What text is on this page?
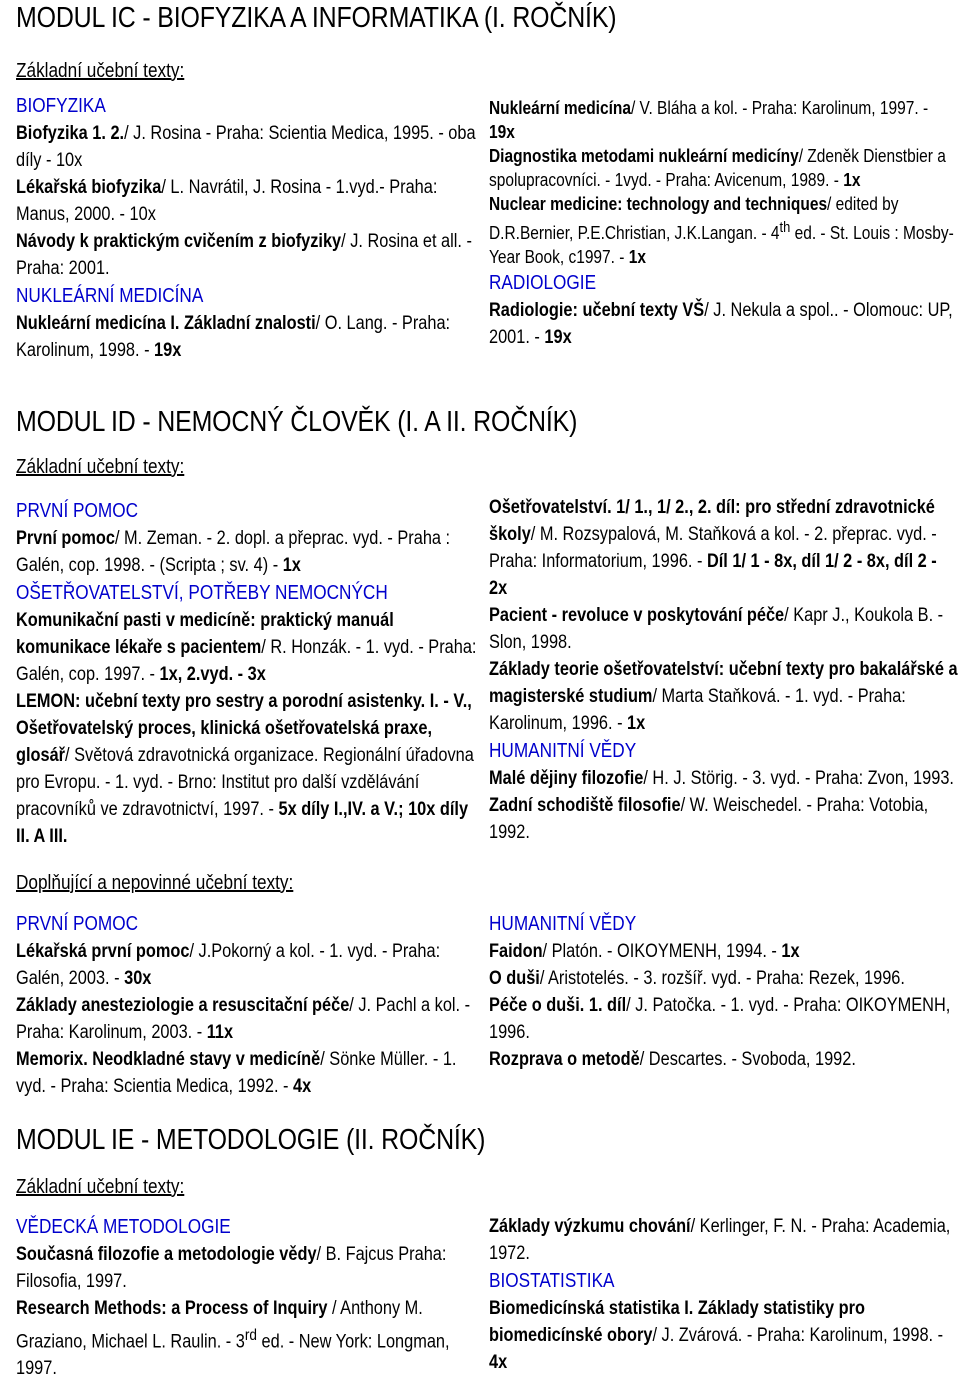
MODUL IC - BIOFYZIKA A INFORMATIKA (I. ROČNÍK)
Základní učební texty:
BIOFYZIKA
Biofyzika 1. 2./ J. Rosina - Praha: Scientia Medica, 1995. - oba díly - 10x
Lékařská biofyzika/ L. Navrátil, J. Rosina - 1.vyd.- Praha: Manus, 2000. - 10x
Návody k praktickým cvičením z biofyziky/ J. Rosina et all. - Praha: 2001.
NUKLEÁRNÍ MEDICÍNA
Nukleární medicína I. Základní znalosti/ O. Lang. - Praha: Karolinum, 1998. - 19x
Nukleární medicína/ V. Bláha a kol. - Praha: Karolinum, 1997. - 19x
Diagnostika metodami nukleární medicíny/ Zdeněk Dienstbier a spolupracovníci. - 1vyd. - Praha: Avicenum, 1989. - 1x
Nuclear medicine: technology and techniques/ edited by D.R.Bernier, P.E.Christian, J.K.Langan. - 4th ed. - St. Louis : Mosby-Year Book, c1997. - 1x
RADIOLOGIE
Radiologie: učební texty VŠ/ J. Nekula a spol.. - Olomouc: UP, 2001. - 19x
MODUL ID - NEMOCNÝ ČLOVĚK (I. A II. ROČNÍK)
Základní učební texty:
PRVNÍ POMOC
První pomoc/ M. Zeman. - 2. dopl. a přeprac. vyd. - Praha : Galén, cop. 1998. - (Scripta ; sv. 4) - 1x
OŠETŘOVATELSTVÍ, POTŘEBY NEMOCNÝCH
Komunikační pasti v medicíně: praktický manuál komunikace lékaře s pacientem/ R. Honzák. - 1. vyd. - Praha: Galén, cop. 1997. - 1x, 2.vyd. - 3x
LEMON: učební texty pro sestry a porodní asistenky. I. - V., Ošetřovatelský proces, klinická ošetřovatelská praxe, glosář/ Světová zdravotnická organizace. Regionální úřadovna pro Evropu. - 1. vyd. - Brno: Institut pro další vzdělávání pracovníků ve zdravotnictví, 1997. - 5x díly I.,IV. a V.; 10x díly II. A III.
Doplňující a nepovinné učební texty:
PRVNÍ POMOC
Lékařská první pomoc/ J.Pokorný a kol. - 1. vyd. - Praha: Galén, 2003. - 30x
Základy anesteziologie a resuscitační péče/ J. Pachl a kol. - Praha: Karolinum, 2003. - 11x
Memorix. Neodkladné stavy v medicíně/ Sönke Müller. - 1. vyd. - Praha: Scientia Medica, 1992. - 4x
Ošetřovatelství. 1/ 1., 1/ 2., 2. díl: pro střední zdravotnické školy/ M. Rozsypalová, M. Staňková a kol. - 2. přeprac. vyd. - Praha: Informatorium, 1996. - Díl 1/ 1 - 8x, díl 1/ 2 - 8x, díl 2 - 2x
Pacient - revoluce v poskytování péče/ Kapr J., Koukola B. - Slon, 1998.
Základy teorie ošetřovatelství: učební texty pro bakalářské a magisterské studium/ Marta Staňková. - 1. vyd. - Praha: Karolinum, 1996. - 1x
HUMANITNÍ VĚDY
Malé dějiny filozofie/ H. J. Störig. - 3. vyd. - Praha: Zvon, 1993.
Zadní schodiště filosofie/ W. Weischedel. - Praha: Votobia, 1992.
HUMANITNÍ VĚDY
Faidon/ Platón. - OIKOYMENH, 1994. - 1x
O duši/ Aristotelés. - 3. rozšíř. vyd. - Praha: Rezek, 1996.
Péče o duši. 1. díl/ J. Patočka. - 1. vyd. - Praha: OIKOYMENH, 1996.
Rozprava o metodě/ Descartes. - Svoboda, 1992.
MODUL IE - METODOLOGIE (II. ROČNÍK)
Základní učební texty:
VĚDECKÁ METODOLOGIE
Současná filozofie a metodologie vědy/ B. Fajcus Praha: Filosofia, 1997.
Research Methods: a Process of Inquiry / Anthony M. Graziano, Michael L. Raulin. - 3rd ed. - New York: Longman, 1997.
Základy výzkumu chování/ Kerlinger, F. N. - Praha: Academia, 1972.
BIOSTATISTIKA
Biomedicínská statistika I. Základy statistiky pro biomedicínské obory/ J. Zvárová. - Praha: Karolinum, 1998. - 4x
